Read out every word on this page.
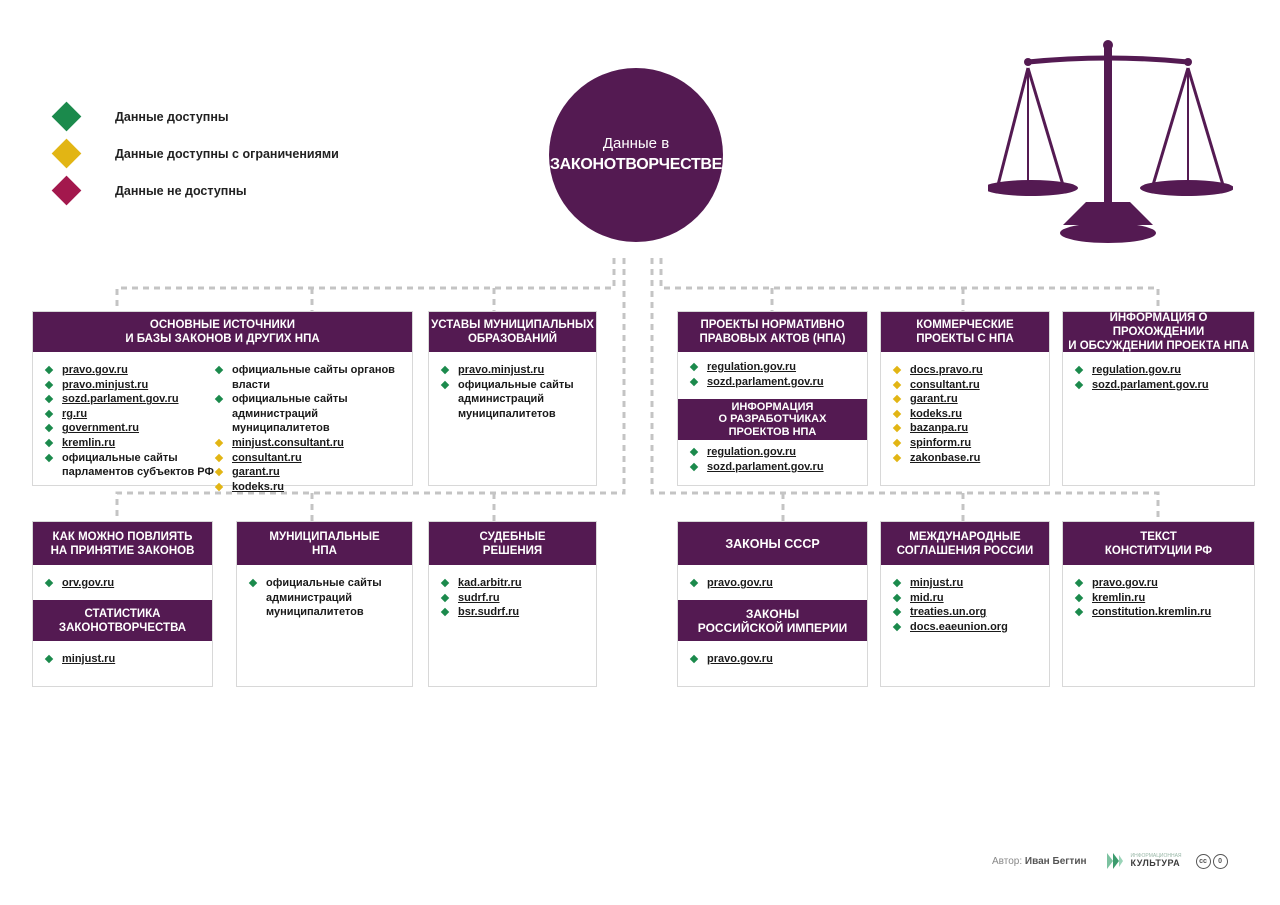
Данные доступны
Данные доступны с ограничениями
Данные не доступны
Данные в
ЗАКОНОТВОРЧЕСТВЕ
ОСНОВНЫЕ ИСТОЧНИКИ
И БАЗЫ ЗАКОНОВ И ДРУГИХ НПА
pravo.gov.ru
pravo.minjust.ru
sozd.parlament.gov.ru
rg.ru
government.ru
kremlin.ru
официальные сайты парламентов субъектов РФ
официальные сайты органов власти
официальные сайты администраций муниципалитетов
minjust.consultant.ru
consultant.ru
garant.ru
kodeks.ru
УСТАВЫ МУНИЦИПАЛЬНЫХ
ОБРАЗОВАНИЙ
pravo.minjust.ru
официальные сайты администраций муниципалитетов
ПРОЕКТЫ НОРМАТИВНО
ПРАВОВЫХ АКТОВ (НПА)
regulation.gov.ru
sozd.parlament.gov.ru
ИНФОРМАЦИЯ
О РАЗРАБОТЧИКАХ
ПРОЕКТОВ НПА
regulation.gov.ru
sozd.parlament.gov.ru
КОММЕРЧЕСКИЕ
ПРОЕКТЫ С НПА
docs.pravo.ru
consultant.ru
garant.ru
kodeks.ru
bazanpa.ru
spinform.ru
zakonbase.ru
ИНФОРМАЦИЯ О ПРОХОЖДЕНИИ
И ОБСУЖДЕНИИ ПРОЕКТА НПА
regulation.gov.ru
sozd.parlament.gov.ru
КАК МОЖНО ПОВЛИЯТЬ
НА ПРИНЯТИЕ ЗАКОНОВ
orv.gov.ru
СТАТИСТИКА
ЗАКОНОТВОРЧЕСТВА
minjust.ru
МУНИЦИПАЛЬНЫЕ
НПА
официальные сайты администраций муниципалитетов
СУДЕБНЫЕ
РЕШЕНИЯ
kad.arbitr.ru
sudrf.ru
bsr.sudrf.ru
ЗАКОНЫ СССР
pravo.gov.ru
ЗАКОНЫ
РОССИЙСКОЙ ИМПЕРИИ
pravo.gov.ru
МЕЖДУНАРОДНЫЕ
СОГЛАШЕНИЯ РОССИИ
minjust.ru
mid.ru
treaties.un.org
docs.eaeunion.org
ТЕКСТ
КОНСТИТУЦИИ РФ
pravo.gov.ru
kremlin.ru
constitution.kremlin.ru
Автор: Иван Бегтин	ИНФОРМАЦИОННАЯ
КУЛЬТУРА	cc	0
